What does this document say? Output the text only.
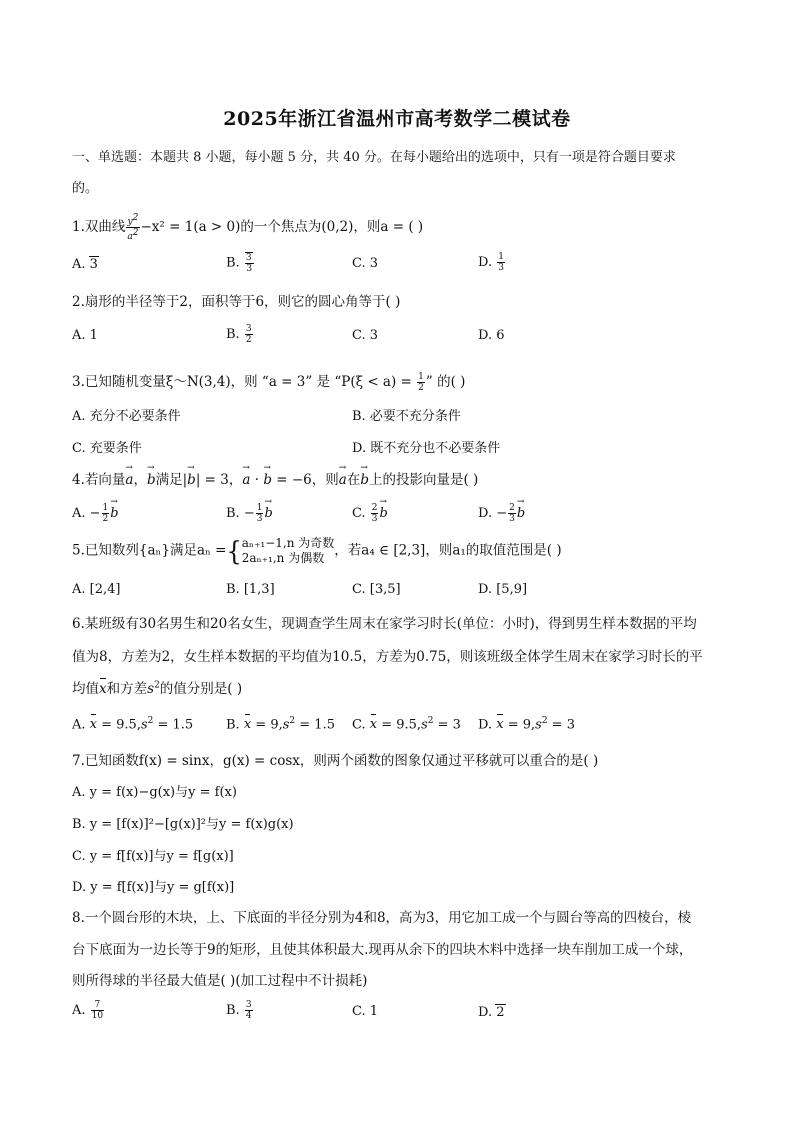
2025年浙江省温州市高考数学二模试卷
一、单选题：本题共 8 小题，每小题 5 分，共 40 分。在每小题给出的选项中，只有一项是符合题目要求
的。
1.双曲线 $\frac{y^2}{a^2} -x^2 = 1(a > 0)$的一个焦点为(0,2)，则a = ( )
A. 3	B. $\frac{3}{3}$	C. 3	D. $\frac{1}{3}$
2.扇形的半径等于2，面积等于6，则它的圆心角等于( )
A. 1	B. $\frac{3}{2}$	C. 3	D. 6
3.已知随机变量ξ～N(3,4)，则 “a = 3” 是 “$P(\xi < a) = \frac{1}{2}$ ” 的( )
A. 充分不必要条件	B. 必要不充分条件
C. 充要条件	D. 既不充分也不必要条件
4.若向量→ a，→ b满足|→ b| = 3，→ a · → b = −6，则→ a在→ b上的投影向量是( )
A. − $\frac{1}{2}$
→ b	B. − $\frac{1}{3}$
→ b	C. $\frac{2}{3}$
→ b	D. − $\frac{2}{3}$
→ b
5.已知数列{aₙ}满足aₙ ={ aₙ₊₁−1,n 为奇数
2aₙ₊₁,n 为偶数 ，若a₄ ∈ [2,3]，则a₁的取值范围是( )
A. [2,4]	B. [1,3]	C. [3,5]	D. [5,9]
6.某班级有30名男生和20名女生，现调查学生周末在家学习时长(单位：小时)，得到男生样本数据的平均
值为8，方差为2，女生样本数据的平均值为10.5，方差为0.75，则该班级全体学生周末在家学习时长的平
均值x和方差$s^2$的值分别是( )
A. $x = 9.5,s^2 = 1.5$	B. $x = 9,s^2 = 1.5$ C. $x = 9.5,s^2 = 3$ D. $x = 9,s^2 = 3$
7.已知函数f(x) = sinx，g(x) = cosx，则两个函数的图象仅通过平移就可以重合的是( )
A. y = f(x)−g(x)与y = f(x)
B. y = [f(x)]²−[g(x)]²与y = f(x)g(x)
C. y = f[f(x)]与y = f[g(x)]
D. y = f[f(x)]与y = g[f(x)]
8.一个圆台形的木块，上、下底面的半径分别为4和8，高为3，用它加工成一个与圆台等高的四棱台，棱
台下底面为一边长等于9的矩形，且使其体积最大.现再从余下的四块木料中选择一块车削加工成一个球，
则所得球的半径最大值是( )(加工过程中不计损耗)
A. $\frac{7}{10}$	B. $\frac{3}{4}$	C. 1	D. 2
